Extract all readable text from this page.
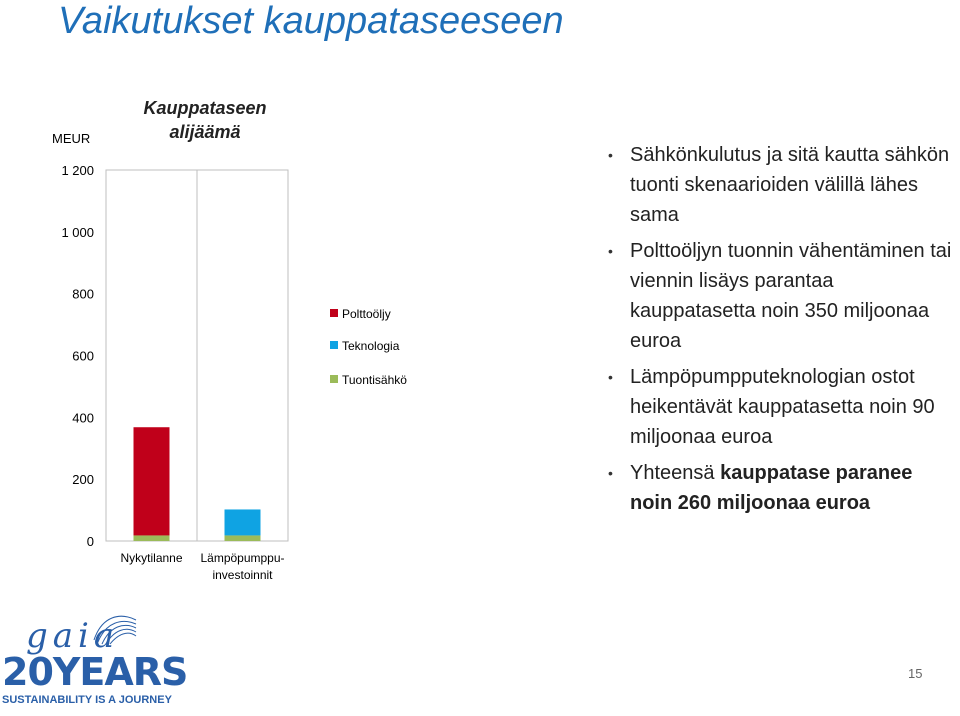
Vaikutukset kauppataseeseen
MEUR
Kauppataseen
alijäämä
0
200
400
600
800
1 000
1 200
Nykytilanne Lämpöpumppu-
investoinnit
Polttoöljy
Teknologia
Tuontisähkö
• Sähkönkulutus ja sitä kautta sähkön tuonti skenaarioiden välillä lähes sama
• Polttoöljyn tuonnin vähentäminen tai viennin lisäys parantaa kauppatasetta noin 350 miljoonaa euroa
• Lämpöpumpputeknologian ostot heikentävät kauppatasetta noin 90 miljoonaa euroa
• Yhteensä kauppatase paranee noin 260 miljoonaa euroa
gaia
20YEARS
SUSTAINABILITY IS A JOURNEY
15
